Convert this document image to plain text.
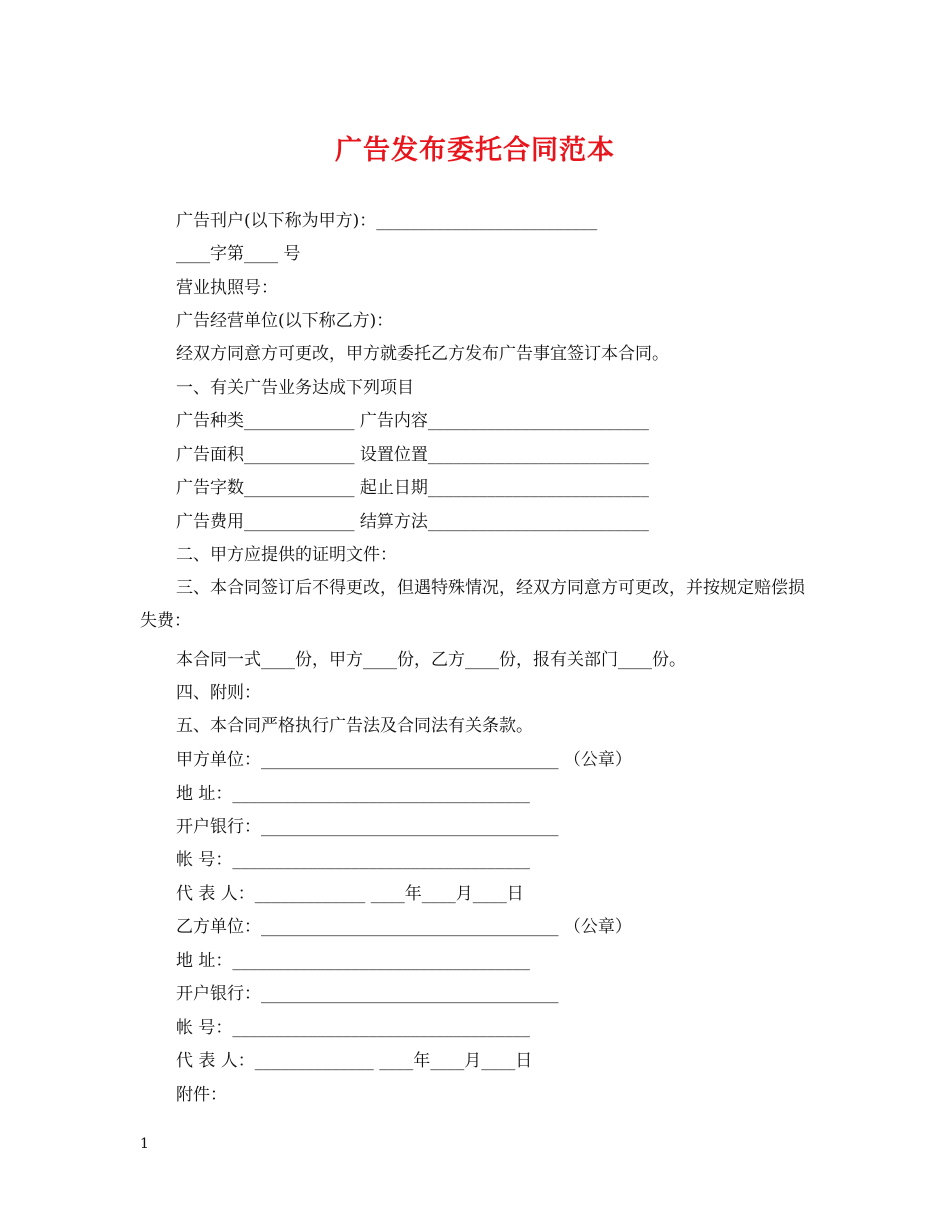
广告发布委托合同范本
广告刊户(以下称为甲方)：__________________________
____字第____ 号
营业执照号：
广告经营单位(以下称乙方)：
经双方同意方可更改，甲方就委托乙方发布广告事宜签订本合同。
一、有关广告业务达成下列项目
广告种类_____________ 广告内容__________________________
广告面积_____________ 设置位置__________________________
广告字数_____________ 起止日期__________________________
广告费用_____________ 结算方法__________________________
二、甲方应提供的证明文件：
三、本合同签订后不得更改，但遇特殊情况，经双方同意方可更改，并按规定赔偿损失费：
本合同一式____份，甲方____份，乙方____份，报有关部门____份。
四、附则：
五、本合同严格执行广告法及合同法有关条款。
甲方单位：___________________________________ （公章）
地 址：___________________________________
开户银行：___________________________________
帐 号：___________________________________
代 表 人：_____________ ____年____月____日
乙方单位：___________________________________ （公章）
地 址：___________________________________
开户银行：___________________________________
帐 号：___________________________________
代 表 人：______________ ____年____月____日
附件：
1
